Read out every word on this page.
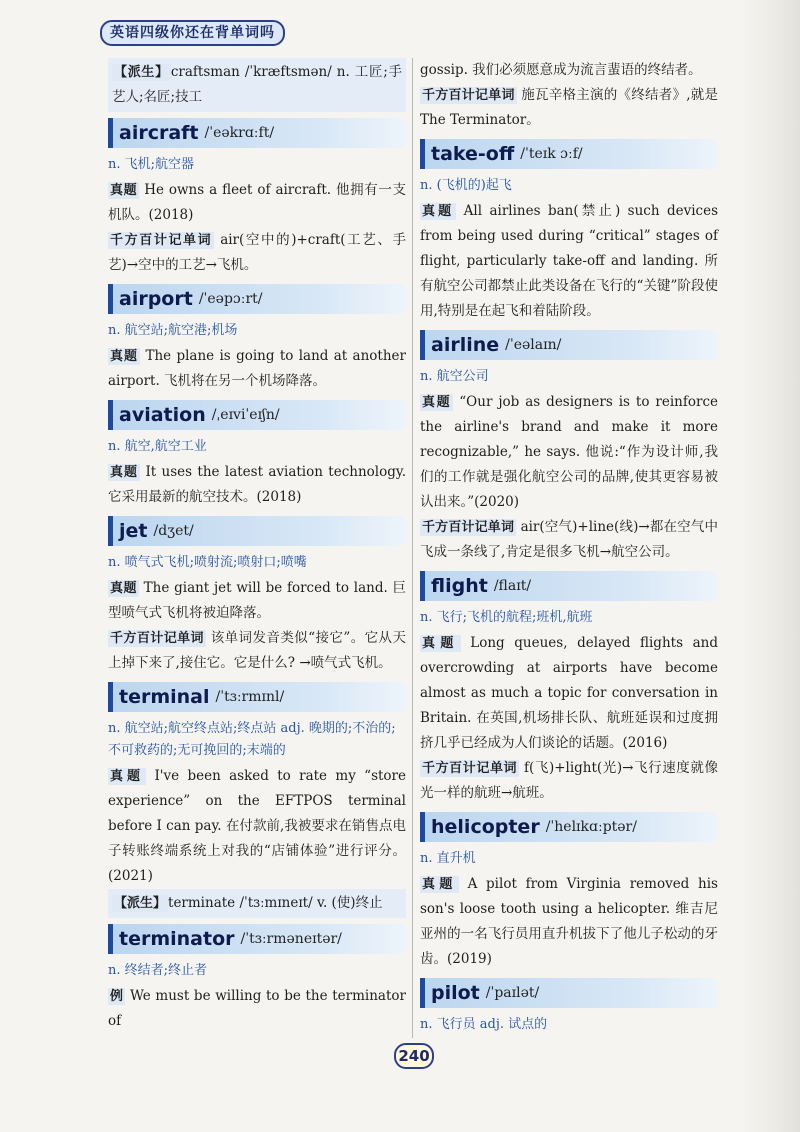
英语四级你还在背单词吗

【派生】 craftsman /ˈkræftsmən/ n. 工匠;手艺人;名匠;技工

aircraft /ˈeəkrɑːft/
n. 飞机;航空器

真题 He owns a fleet of aircraft. 他拥有一支机队。(2018)

千方百计记单词 air(空中的)+craft(工艺、手艺)→空中的工艺→飞机。

airport /ˈeəpɔːrt/
n. 航空站;航空港;机场

真题 The plane is going to land at another airport. 飞机将在另一个机场降落。

aviation /ˌeɪviˈeɪʃn/
n. 航空,航空工业

真题 It uses the latest aviation technology. 它采用最新的航空技术。(2018)

jet /dʒet/
n. 喷气式飞机;喷射流;喷射口;喷嘴

真题 The giant jet will be forced to land. 巨型喷气式飞机将被迫降落。

千方百计记单词 该单词发音类似“接它”。它从天上掉下来了,接住它。它是什么? →喷气式飞机。

terminal /ˈtɜːrmɪnl/
n. 航空站;航空终点站;终点站 adj. 晚期的;不治的;不可救药的;无可挽回的;末端的

真题 I've been asked to rate my “store experience” on the EFTPOS terminal before I can pay. 在付款前,我被要求在销售点电子转账终端系统上对我的“店铺体验”进行评分。(2021)

【派生】 terminate /ˈtɜːmɪneɪt/ v. (使)终止

terminator /ˈtɜːrməneɪtər/
n. 终结者;终止者

例 We must be willing to be the terminator of

gossip. 我们必须愿意成为流言蜚语的终结者。

千方百计记单词 施瓦辛格主演的《终结者》,就是 The Terminator。

take-off /ˈteɪk ɔːf/
n. (飞机的)起飞

真题 All airlines ban(禁止) such devices from being used during “critical” stages of flight, particularly take-off and landing. 所有航空公司都禁止此类设备在飞行的“关键”阶段使用,特别是在起飞和着陆阶段。

airline /ˈeəlaɪn/
n. 航空公司

真题 “Our job as designers is to reinforce the airline's brand and make it more recognizable,” he says. 他说:“作为设计师,我们的工作就是强化航空公司的品牌,使其更容易被认出来。”(2020)

千方百计记单词 air(空气)+line(线)→都在空气中飞成一条线了,肯定是很多飞机→航空公司。

flight /flaɪt/
n. 飞行;飞机的航程;班机,航班

真题 Long queues, delayed flights and overcrowding at airports have become almost as much a topic for conversation in Britain. 在英国,机场排长队、航班延误和过度拥挤几乎已经成为人们谈论的话题。(2016)

千方百计记单词 f(飞)+light(光)→飞行速度就像光一样的航班→航班。

helicopter /ˈhelɪkɑːptər/
n. 直升机

真题 A pilot from Virginia removed his son's loose tooth using a helicopter. 维吉尼亚州的一名飞行员用直升机拔下了他儿子松动的牙齿。(2019)

pilot /ˈpaɪlət/
n. 飞行员 adj. 试点的
240
